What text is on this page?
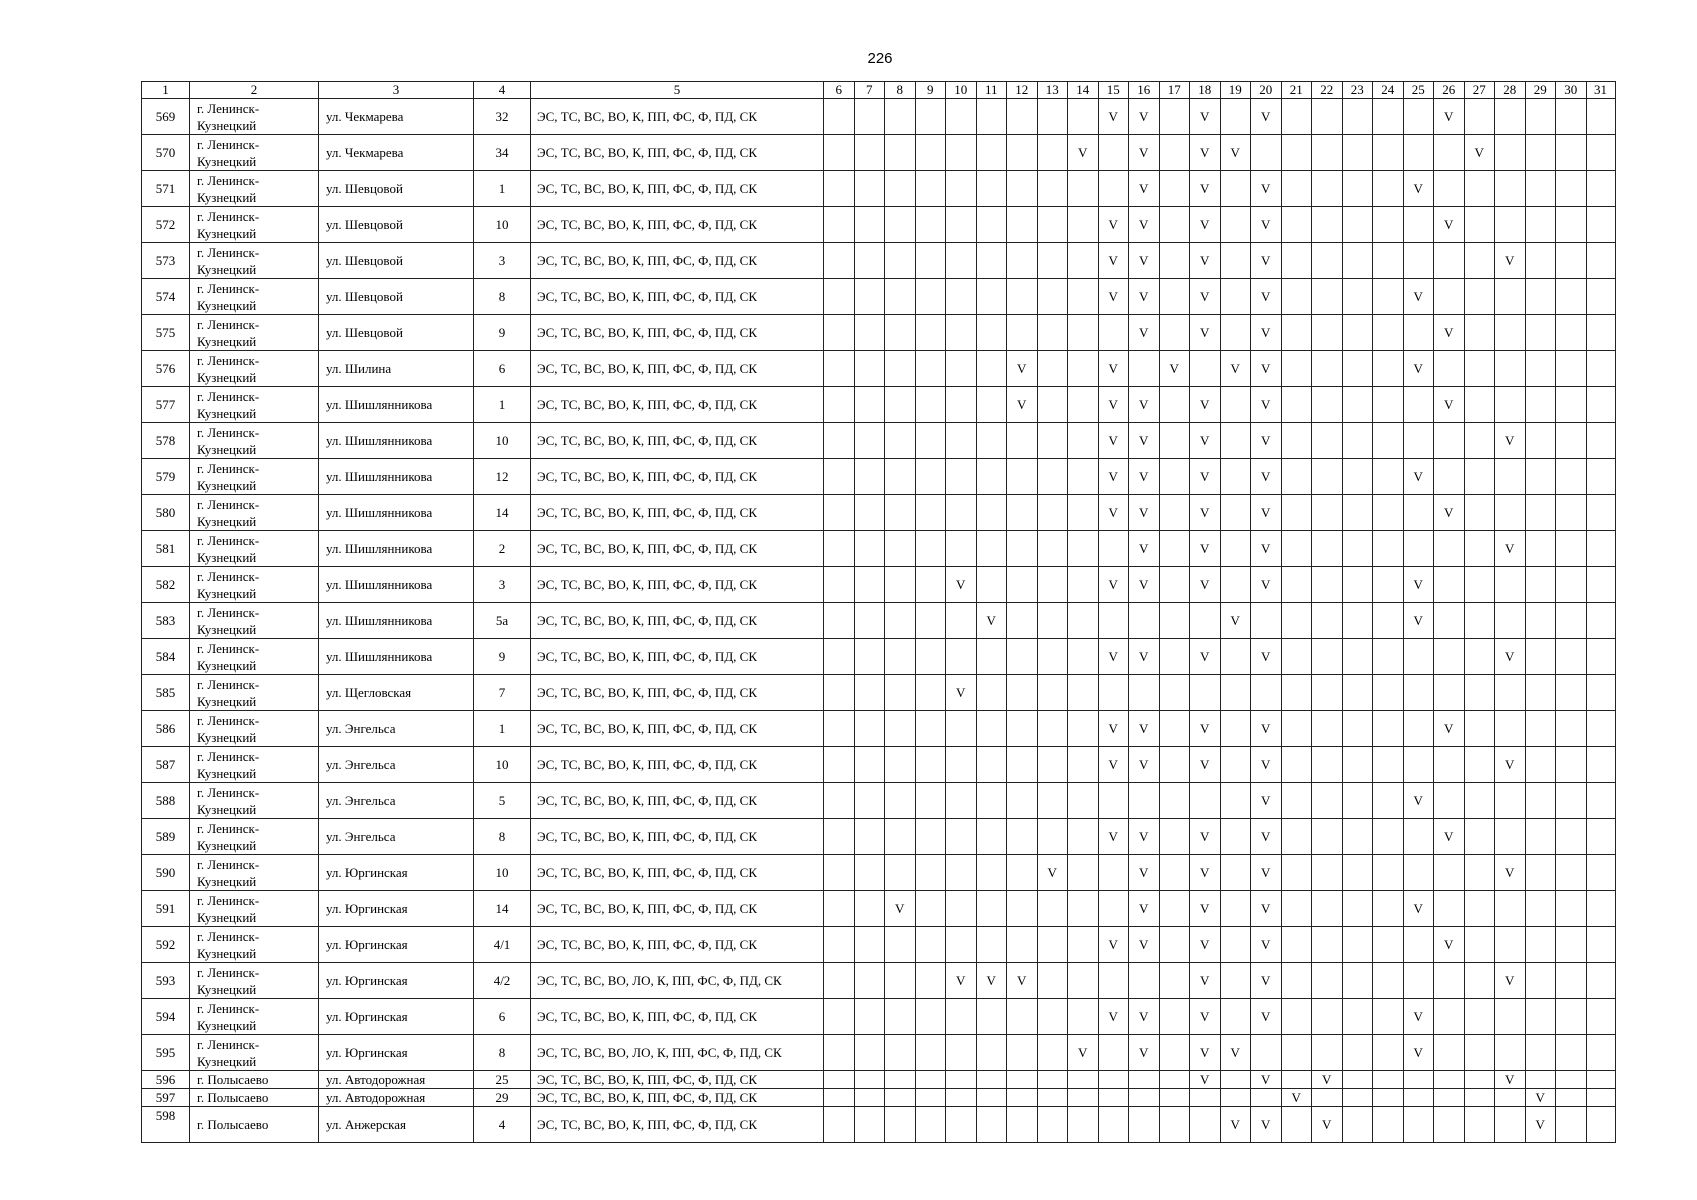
226
1	2	3	4	5	6	7	8	9	10	11	12	13	14	15	16	17	18	19	20	21	22	23	24	25	26	27	28	29	30	31
569	г. Ленинск-Кузнецкий	ул. Чекмарева	32	ЭС, ТС, ВС, ВО, К, ПП, ФС, Ф, ПД, СК										V	V		V		V						V					
570	г. Ленинск-Кузнецкий	ул. Чекмарева	34	ЭС, ТС, ВС, ВО, К, ПП, ФС, Ф, ПД, СК									V		V		V	V								V				
571	г. Ленинск-Кузнецкий	ул. Шевцовой	1	ЭС, ТС, ВС, ВО, К, ПП, ФС, Ф, ПД, СК											V		V		V					V						
572	г. Ленинск-Кузнецкий	ул. Шевцовой	10	ЭС, ТС, ВС, ВО, К, ПП, ФС, Ф, ПД, СК										V	V		V		V						V					
573	г. Ленинск-Кузнецкий	ул. Шевцовой	3	ЭС, ТС, ВС, ВО, К, ПП, ФС, Ф, ПД, СК										V	V		V		V								V			
574	г. Ленинск-Кузнецкий	ул. Шевцовой	8	ЭС, ТС, ВС, ВО, К, ПП, ФС, Ф, ПД, СК										V	V		V		V					V						
575	г. Ленинск-Кузнецкий	ул. Шевцовой	9	ЭС, ТС, ВС, ВО, К, ПП, ФС, Ф, ПД, СК											V		V		V						V					
576	г. Ленинск-Кузнецкий	ул. Шилина	6	ЭС, ТС, ВС, ВО, К, ПП, ФС, Ф, ПД, СК							V			V		V		V	V					V						
577	г. Ленинск-Кузнецкий	ул. Шишлянникова	1	ЭС, ТС, ВС, ВО, К, ПП, ФС, Ф, ПД, СК							V			V	V		V		V						V					
578	г. Ленинск-Кузнецкий	ул. Шишлянникова	10	ЭС, ТС, ВС, ВО, К, ПП, ФС, Ф, ПД, СК										V	V		V		V								V			
579	г. Ленинск-Кузнецкий	ул. Шишлянникова	12	ЭС, ТС, ВС, ВО, К, ПП, ФС, Ф, ПД, СК										V	V		V		V					V						
580	г. Ленинск-Кузнецкий	ул. Шишлянникова	14	ЭС, ТС, ВС, ВО, К, ПП, ФС, Ф, ПД, СК										V	V		V		V						V					
581	г. Ленинск-Кузнецкий	ул. Шишлянникова	2	ЭС, ТС, ВС, ВО, К, ПП, ФС, Ф, ПД, СК											V		V		V								V			
582	г. Ленинск-Кузнецкий	ул. Шишлянникова	3	ЭС, ТС, ВС, ВО, К, ПП, ФС, Ф, ПД, СК					V					V	V		V		V					V						
583	г. Ленинск-Кузнецкий	ул. Шишлянникова	5а	ЭС, ТС, ВС, ВО, К, ПП, ФС, Ф, ПД, СК						V								V						V						
584	г. Ленинск-Кузнецкий	ул. Шишлянникова	9	ЭС, ТС, ВС, ВО, К, ПП, ФС, Ф, ПД, СК										V	V		V		V								V			
585	г. Ленинск-Кузнецкий	ул. Щегловская	7	ЭС, ТС, ВС, ВО, К, ПП, ФС, Ф, ПД, СК					V																					
586	г. Ленинск-Кузнецкий	ул. Энгельса	1	ЭС, ТС, ВС, ВО, К, ПП, ФС, Ф, ПД, СК										V	V		V		V						V					
587	г. Ленинск-Кузнецкий	ул. Энгельса	10	ЭС, ТС, ВС, ВО, К, ПП, ФС, Ф, ПД, СК										V	V		V		V								V			
588	г. Ленинск-Кузнецкий	ул. Энгельса	5	ЭС, ТС, ВС, ВО, К, ПП, ФС, Ф, ПД, СК															V					V						
589	г. Ленинск-Кузнецкий	ул. Энгельса	8	ЭС, ТС, ВС, ВО, К, ПП, ФС, Ф, ПД, СК										V	V		V		V						V					
590	г. Ленинск-Кузнецкий	ул. Юргинская	10	ЭС, ТС, ВС, ВО, К, ПП, ФС, Ф, ПД, СК								V			V		V		V								V			
591	г. Ленинск-Кузнецкий	ул. Юргинская	14	ЭС, ТС, ВС, ВО, К, ПП, ФС, Ф, ПД, СК			V								V		V		V					V						
592	г. Ленинск-Кузнецкий	ул. Юргинская	4/1	ЭС, ТС, ВС, ВО, К, ПП, ФС, Ф, ПД, СК										V	V		V		V						V					
593	г. Ленинск-Кузнецкий	ул. Юргинская	4/2	ЭС, ТС, ВС, ВО, ЛО, К, ПП, ФС, Ф, ПД, СК					V	V	V						V		V								V			
594	г. Ленинск-Кузнецкий	ул. Юргинская	6	ЭС, ТС, ВС, ВО, К, ПП, ФС, Ф, ПД, СК										V	V		V		V					V						
595	г. Ленинск-Кузнецкий	ул. Юргинская	8	ЭС, ТС, ВС, ВО, ЛО, К, ПП, ФС, Ф, ПД, СК									V		V		V	V						V						
596	г. Полысаево	ул. Автодорожная	25	ЭС, ТС, ВС, ВО, К, ПП, ФС, Ф, ПД, СК													V		V		V						V			
597	г. Полысаево	ул. Автодорожная	29	ЭС, ТС, ВС, ВО, К, ПП, ФС, Ф, ПД, СК																V								V		
598	г. Полысаево	ул. Анжерская	4	ЭС, ТС, ВС, ВО, К, ПП, ФС, Ф, ПД, СК														V	V		V							V		
